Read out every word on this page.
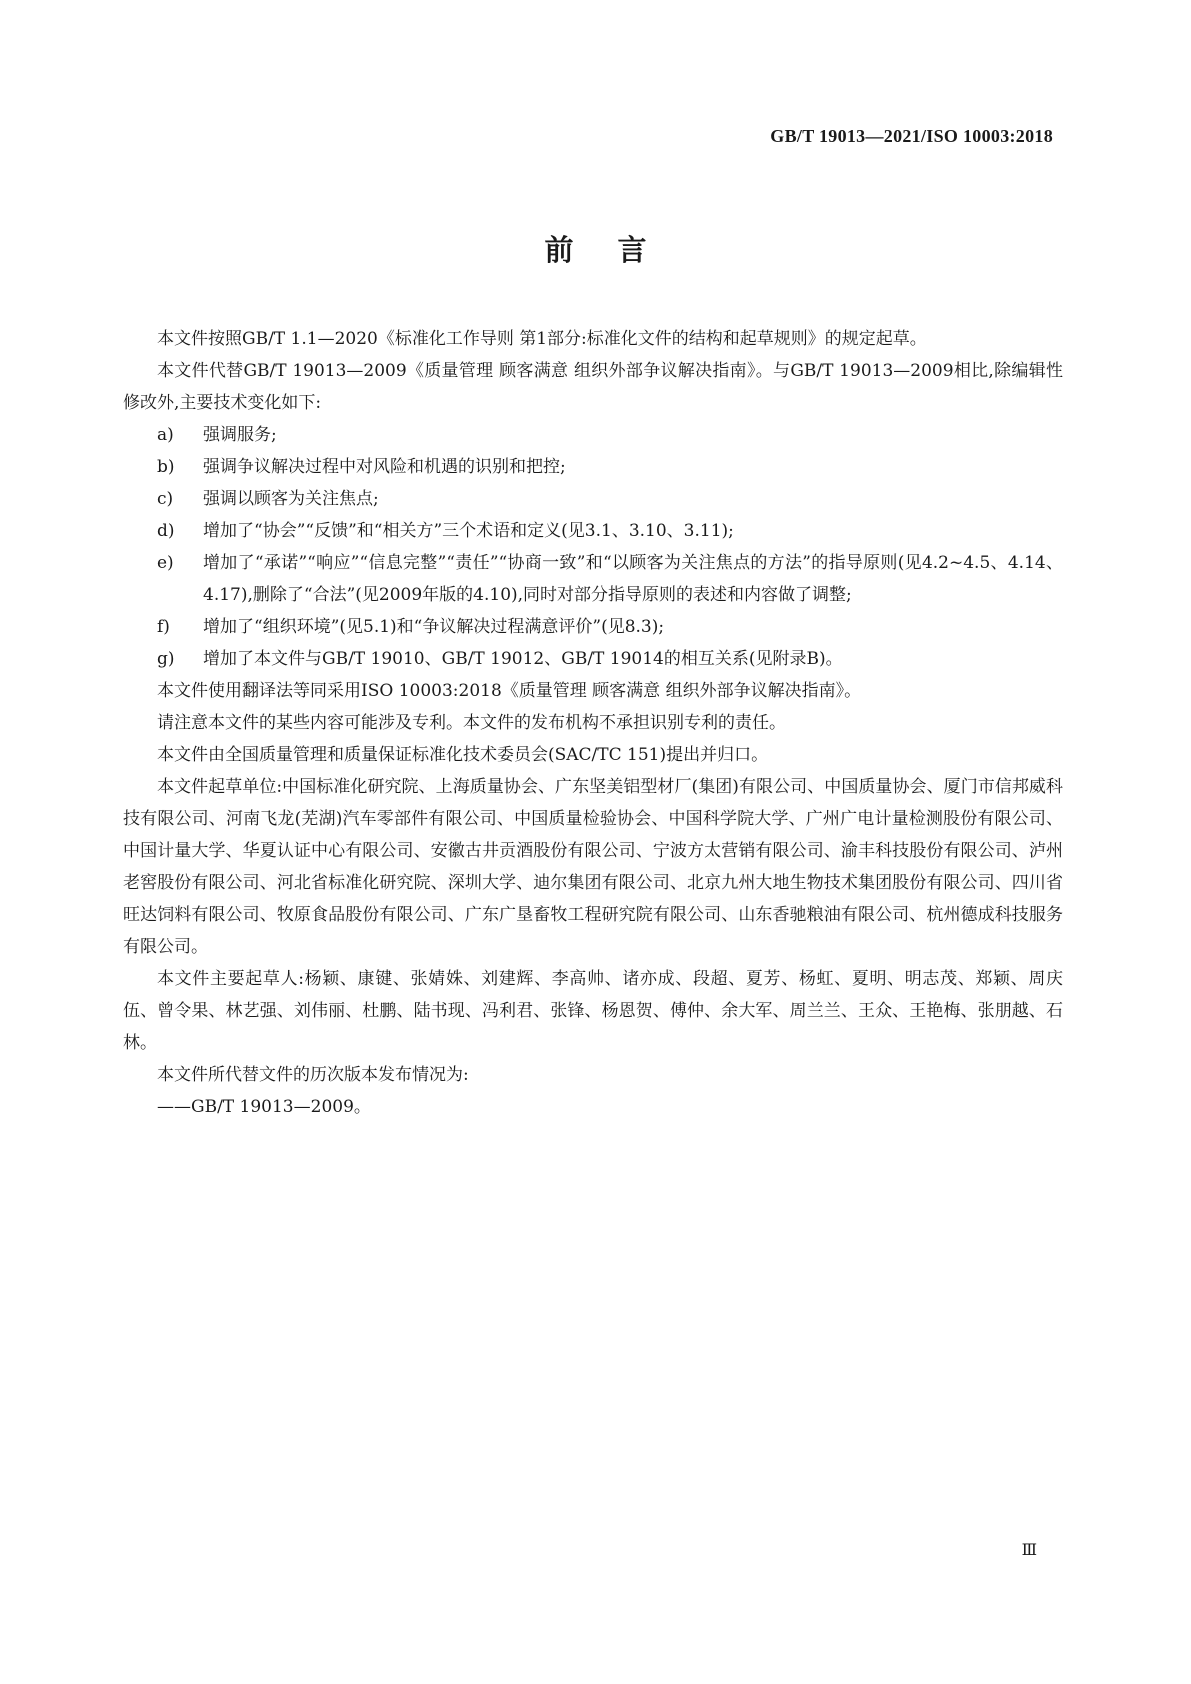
GB/T 19013—2021/ISO 10003:2018
前言

本文件按照GB/T 1.1—2020《标准化工作导则 第1部分:标准化文件的结构和起草规则》的规定起草。

本文件代替GB/T 19013—2009《质量管理 顾客满意 组织外部争议解决指南》。与GB/T 19013—2009相比,除编辑性修改外,主要技术变化如下:

a) 强调服务;
b) 强调争议解决过程中对风险和机遇的识别和把控;
c) 强调以顾客为关注焦点;
d) 增加了“协会”“反馈”和“相关方”三个术语和定义(见3.1、3.10、3.11);
e) 增加了“承诺”“响应”“信息完整”“责任”“协商一致”和“以顾客为关注焦点的方法”的指导原则(见4.2~4.5、4.14、4.17),删除了“合法”(见2009年版的4.10),同时对部分指导原则的表述和内容做了调整;
f) 增加了“组织环境”(见5.1)和“争议解决过程满意评价”(见8.3);
g) 增加了本文件与GB/T 19010、GB/T 19012、GB/T 19014的相互关系(见附录B)。

本文件使用翻译法等同采用ISO 10003:2018《质量管理 顾客满意 组织外部争议解决指南》。

请注意本文件的某些内容可能涉及专利。本文件的发布机构不承担识别专利的责任。

本文件由全国质量管理和质量保证标准化技术委员会(SAC/TC 151)提出并归口。

本文件起草单位:中国标准化研究院、上海质量协会、广东坚美铝型材厂(集团)有限公司、中国质量协会、厦门市信邦威科技有限公司、河南飞龙(芜湖)汽车零部件有限公司、中国质量检验协会、中国科学院大学、广州广电计量检测股份有限公司、中国计量大学、华夏认证中心有限公司、安徽古井贡酒股份有限公司、宁波方太营销有限公司、渝丰科技股份有限公司、泸州老窖股份有限公司、河北省标准化研究院、深圳大学、迪尔集团有限公司、北京九州大地生物技术集团股份有限公司、四川省旺达饲料有限公司、牧原食品股份有限公司、广东广垦畜牧工程研究院有限公司、山东香驰粮油有限公司、杭州德成科技服务有限公司。

本文件主要起草人:杨颖、康键、张婧姝、刘建辉、李高帅、诸亦成、段超、夏芳、杨虹、夏明、明志茂、郑颖、周庆伍、曾令果、林艺强、刘伟丽、杜鹏、陆书现、冯利君、张锋、杨恩贺、傅仲、余大军、周兰兰、王众、王艳梅、张朋越、石林。

本文件所代替文件的历次版本发布情况为:

——GB/T 19013—2009。

Ⅲ
